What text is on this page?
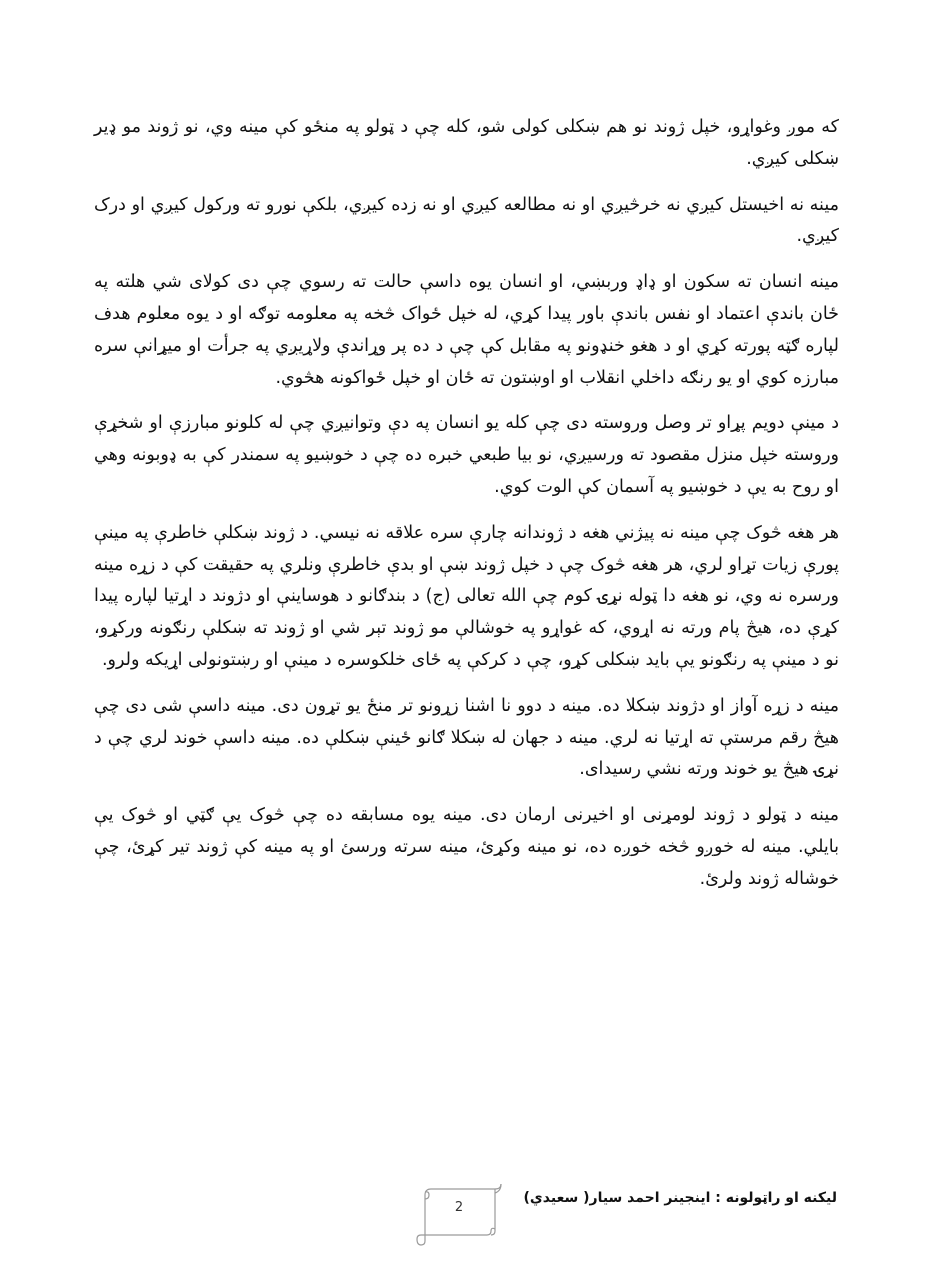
که موږ وغواړو، خپل ژوند نو هم ښکلی کولی شو، کله چې د ټولو په منځو کې مینه وي، نو ژوند مو ډیر ښکلی کیږي.

مینه نه اخیستل کیږي نه خرڅیږي او نه مطالعه کیږي او نه زده کیږي، بلکې نورو ته ورکول کیږي او درک کیږي.

مینه انسان ته سکون او ډاډ وربښي، او انسان یوه داسې حالت ته رسوي چې دی کولای شي هلته په ځان باندې اعتماد او نفس باندې باور پیدا کړي، له خپل ځواک څخه په معلومه توګه او د یوه معلوم هدف لپاره ګټه پورته کړي او د هغو خنډونو په مقابل کې چې د ده پر وړاندې ولاړیږي په جرأت او میړانې سره مبارزه کوي او یو رنګه داخلي انقلاب او اوښتون ته ځان او خپل ځواکونه هڅوي.

د مینې دویم پړاو تر وصل وروسته دی چې کله یو انسان په دې وتوانیږي چې له کلونو مبارزې او شخړې وروسته خپل منزل مقصود ته ورسیږي، نو بیا طبعي خبره ده چې د خوښیو په سمندر کې به ډوبونه وهي او روح به یې د خوښیو په آسمان کې الوت کوي.

هر هغه څوک چې مینه نه پیژني هغه د ژوندانه چارې سره علاقه نه نیسي. د ژوند ښکلې خاطرې په مینې پورې زیات تړاو لري، هر هغه څوک چې د خپل ژوند ښې او بدې خاطرې ونلري په حقیقت کې د زړه مینه ورسره نه وي، نو هغه دا ټوله نړۍ کوم چې الله تعالی (ج) د بندګانو د هوساینې او دژوند د اړتیا لپاره پیدا کړې ده، هیڅ پام ورته نه اړوي، که غواړو په خوشالې مو ژوند تېر شي او ژوند ته ښکلې رنګونه ورکړو، نو د مینې په رنګونو یې باید ښکلی کړو، چې د کرکې په ځای خلکوسره د مینې او رښتونولی اړیکه ولرو.

مینه د زړه آواز او دژوند ښکلا ده. مینه د دوو نا اشنا زړونو تر منځ یو تړون دی. مینه داسې شی دی چې هیڅ رقم مرستې ته اړتیا نه لري. مینه د جهان له ښکلا ګانو ځینې ښکلې ده. مینه داسې خوند لري چې د نړۍ هیڅ یو خوند ورته نشي رسیدای.

مینه د ټولو د ژوند لومړنی او اخیرنی ارمان دی. مینه یوه مسابقه ده چې څوک یې ګټي او څوک یې بایلي. مینه له خوږو څخه خوږه ده، نو مینه وکړئ، مینه سرته ورسئ او په مینه کې ژوند تیر کړئ، چې خوشاله ژوند ولرئ.

ليکنه او راټولونه : اينجينر احمد سيار( سعيدي)
2
